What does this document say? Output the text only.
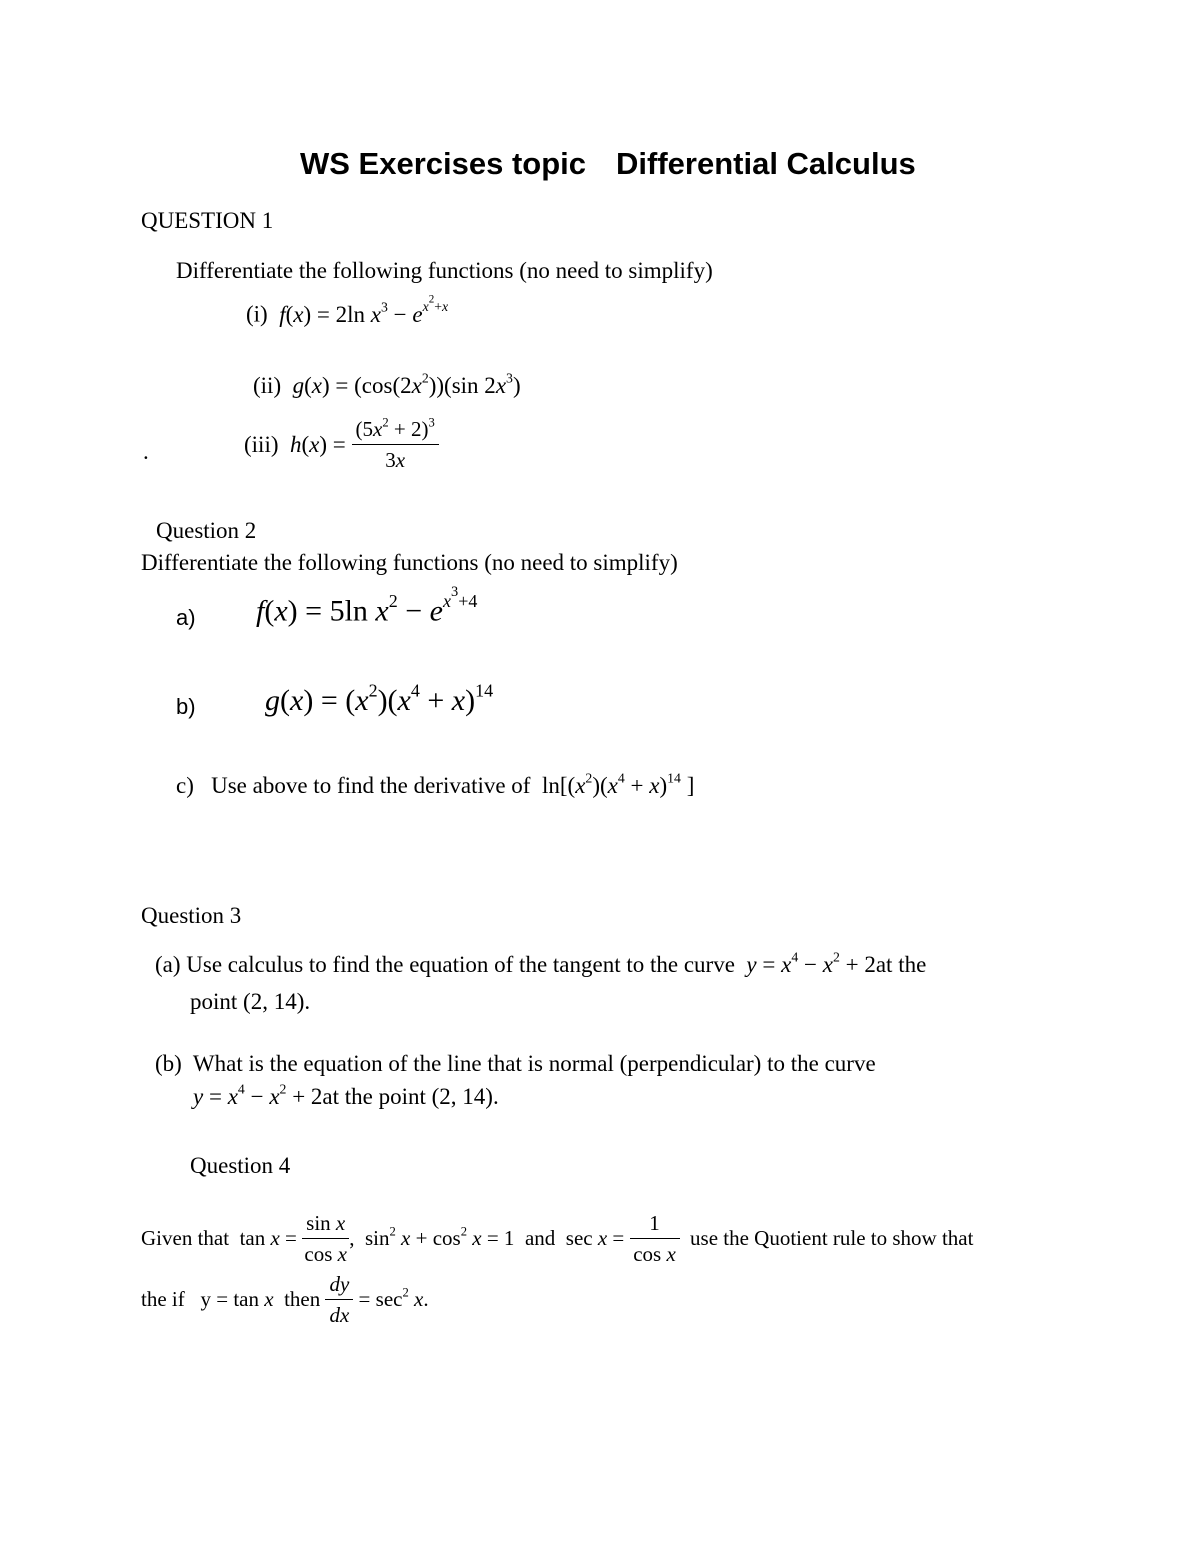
WS Exercises topic Differential Calculus
QUESTION 1
Differentiate the following functions (no need to simplify)
(i) f(x) = 2ln $x^3 - e^{x^2+x}$
(ii) $g(x) = (\cos(2x^2))(\sin$ $2x^3$)
.	(iii) $h(x) = \frac{(5x^2 + 2)^3}{3x}$
Question 2
Differentiate the following functions (no need to simplify)
a) f(x) = 5ln $x^2 - e^{x^3+4}$
b) $g(x) = (x^2)(x^4 + x)^{14}$
c) Use above to find the derivative of $\ln[(x^2)(x^4 + x)^{14}$ ]
Question 3
(a) Use calculus to find the equation of the tangent to the curve $y = x^4 - x^2 + 2at$ the
point (2, 14).
(b) What is the equation of the line that is normal (perpendicular) to the curve
$y = x^4 - x^2 + 2at$ the point (2, 14).
Question 4
Given that $\tan x = \frac{\text{sin x}}{\text{cos x}}$ , $\sin^2 x + \cos^2 x = 1$ and $\sec x = \frac{1}{\text{cos x}}$ use the Quotient rule to show that
the if y = tan x then $\frac{dy}{dx} = \sec^2 x$.
